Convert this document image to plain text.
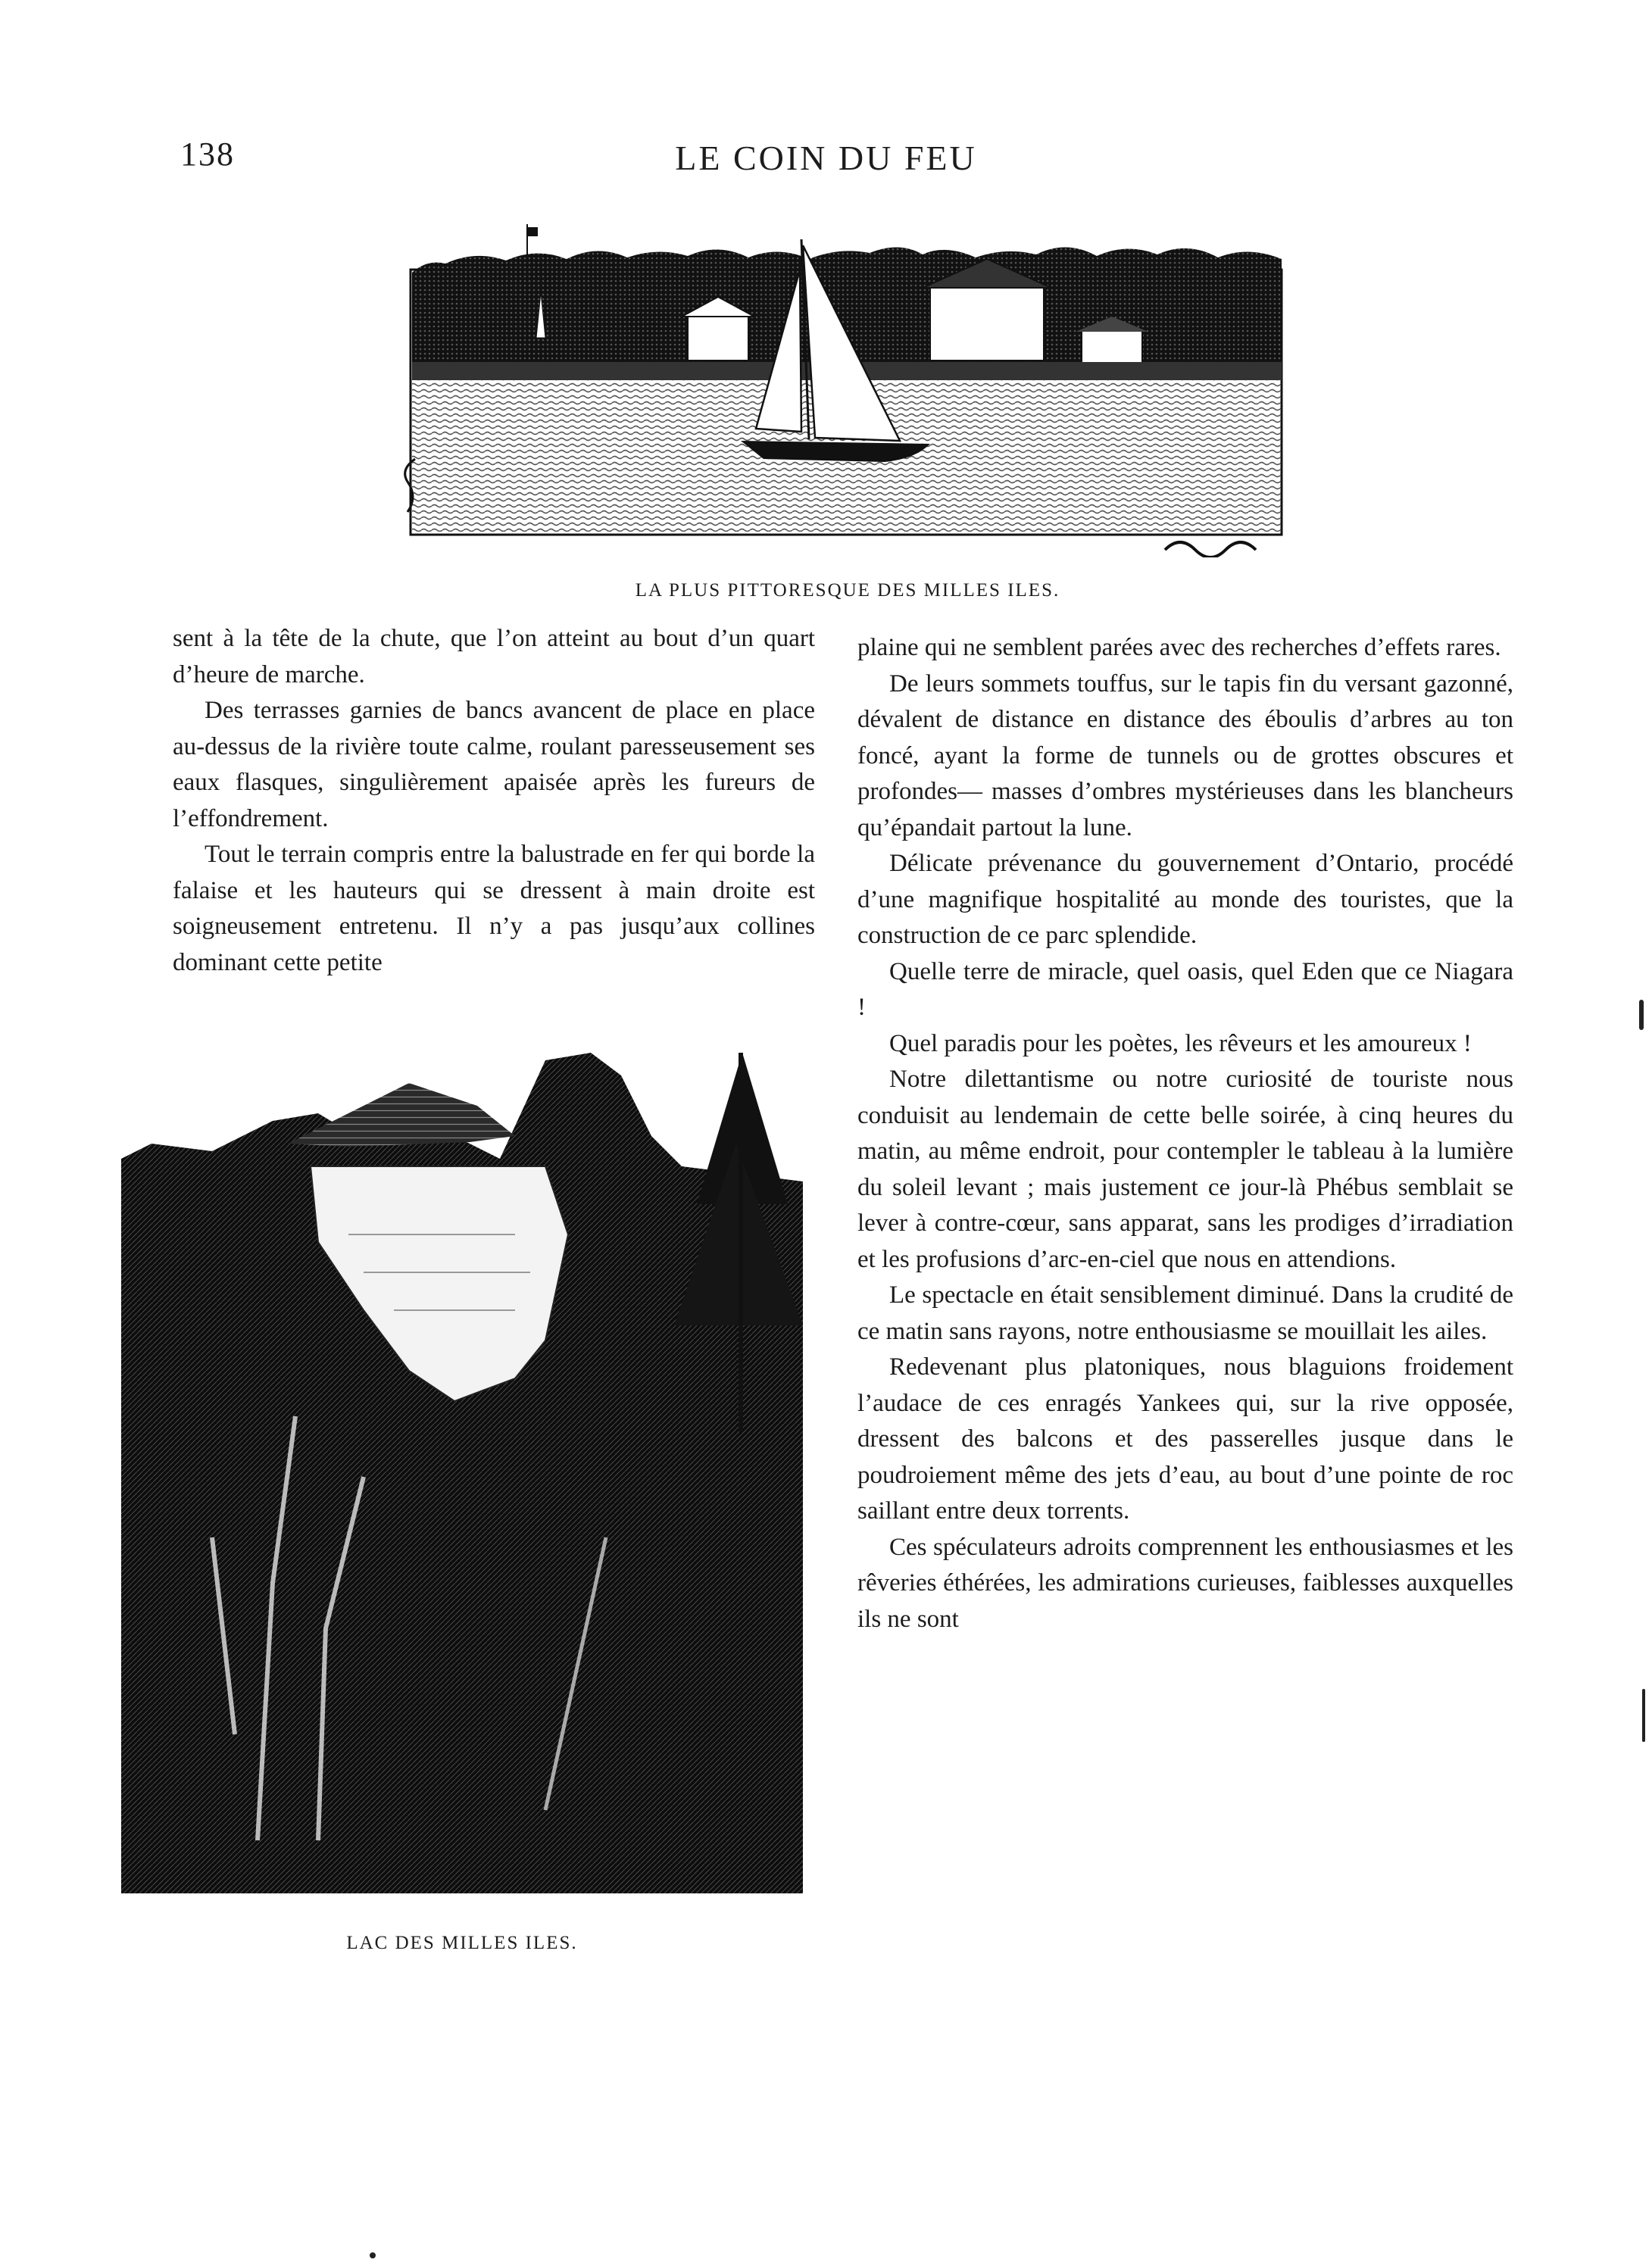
138	LE COIN DU FEU
LA PLUS PITTORESQUE DES MILLES ILES.
LAC DES MILLES ILES.

sent à la tête de la chute, que l’on atteint au bout d’un quart d’heure de marche.

Des terrasses garnies de bancs avancent de place en place au-dessus de la rivière toute calme, roulant paresseusement ses eaux flasques, singulièrement apaisée après les fureurs de l’effondrement.

Tout le terrain compris entre la balustrade en fer qui borde la falaise et les hauteurs qui se dressent à main droite est soigneusement entretenu. Il n’y a pas jusqu’aux collines dominant cette petite

plaine qui ne semblent parées avec des recherches d’effets rares.

De leurs sommets touffus, sur le tapis fin du versant gazonné, dévalent de distance en distance des éboulis d’arbres au ton foncé, ayant la forme de tunnels ou de grottes obscures et profondes— masses d’ombres mystérieuses dans les blancheurs qu’épandait partout la lune.

Délicate prévenance du gouvernement d’Ontario, procédé d’une magnifique hospitalité au monde des touristes, que la construction de ce parc splendide.

Quelle terre de miracle, quel oasis, quel Eden que ce Niagara !

Quel paradis pour les poètes, les rêveurs et les amoureux !

Notre dilettantisme ou notre curiosité de touriste nous conduisit au lendemain de cette belle soirée, à cinq heures du matin, au même endroit, pour contempler le tableau à la lumière du soleil levant ; mais justement ce jour-là Phébus semblait se lever à contre-cœur, sans apparat, sans les prodiges d’irradiation et les profusions d’arc-en-ciel que nous en attendions.

Le spectacle en était sensiblement diminué. Dans la crudité de ce matin sans rayons, notre enthousiasme se mouillait les ailes.

Redevenant plus platoniques, nous blaguions froidement l’audace de ces enragés Yankees qui, sur la rive opposée, dressent des balcons et des passerelles jusque dans le poudroiement même des jets d’eau, au bout d’une pointe de roc saillant entre deux torrents.

Ces spéculateurs adroits comprennent les enthousiasmes et les rêveries éthérées, les admirations curieuses, faiblesses auxquelles ils ne sont
